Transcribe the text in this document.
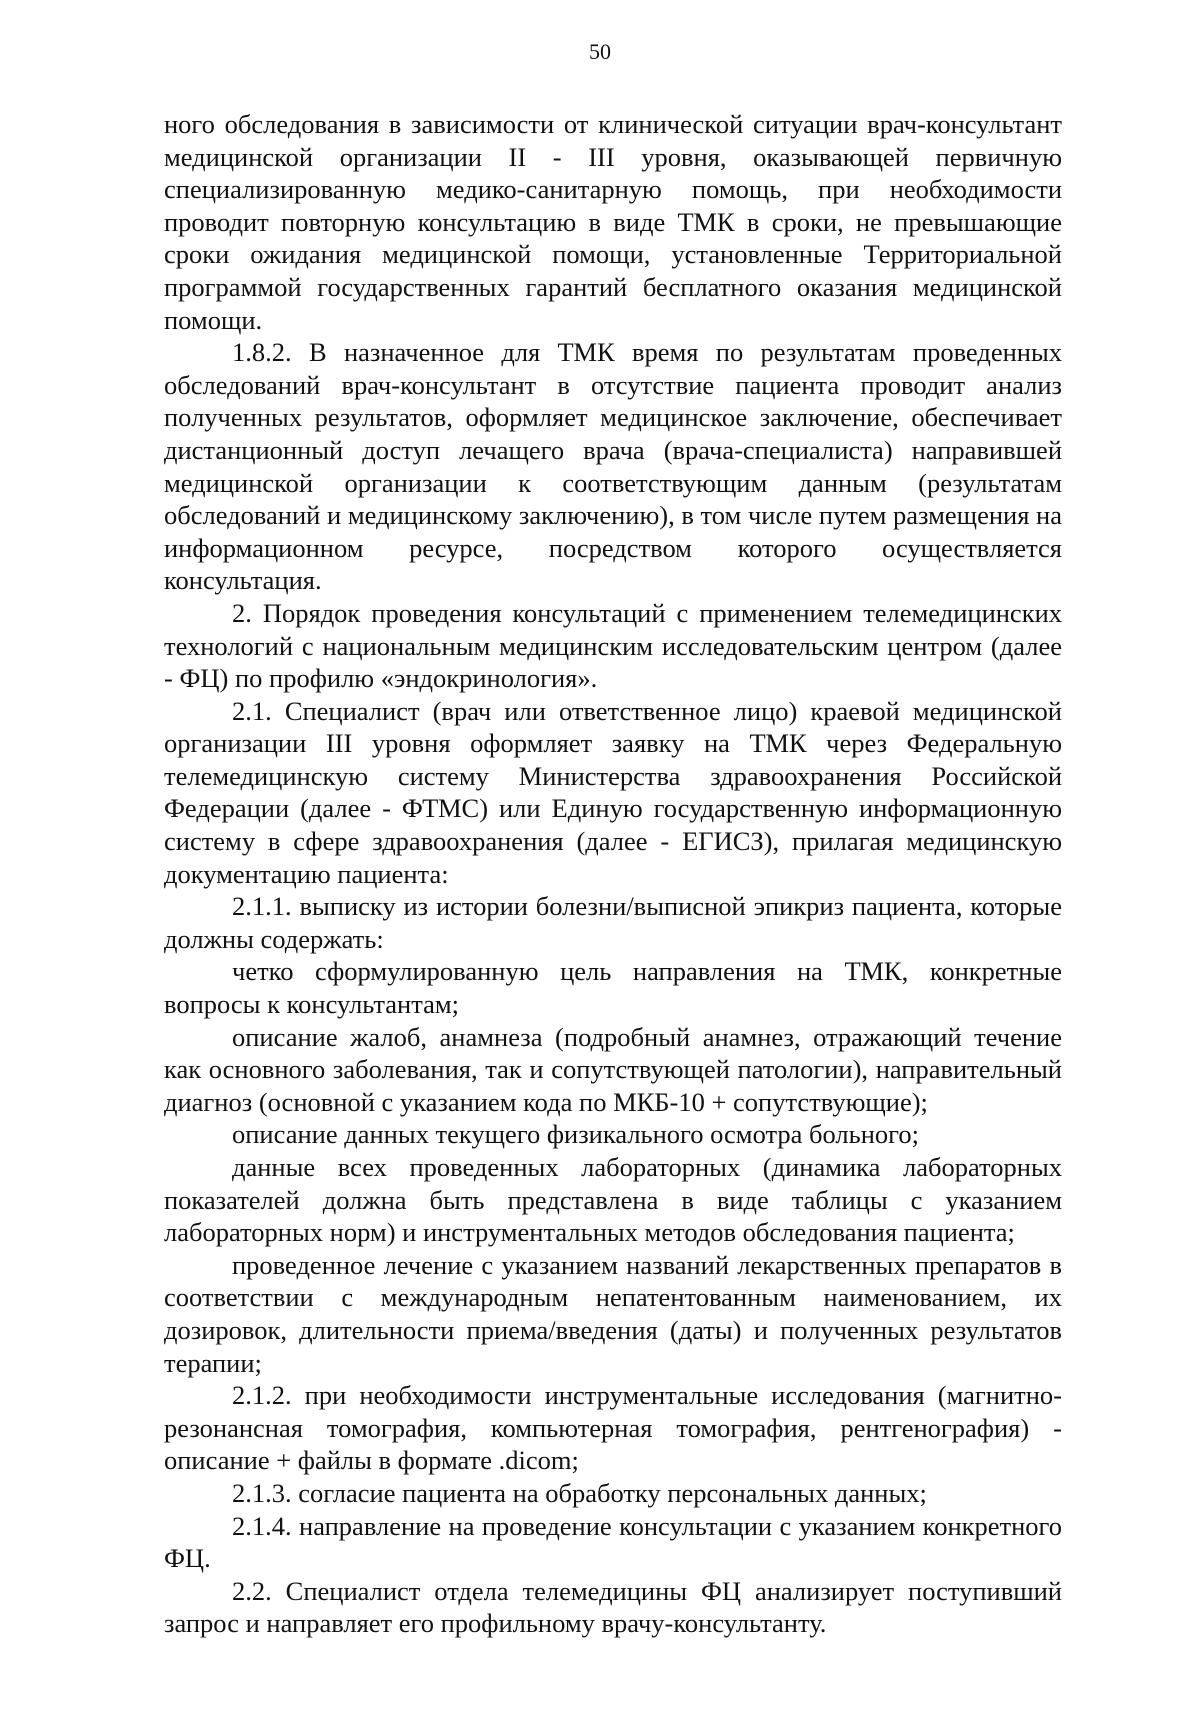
50

ного обследования в зависимости от клинической ситуации врач-консультант медицинской организации II - III уровня, оказывающей первичную специализированную медико-санитарную помощь, при необходимости проводит повторную консультацию в виде ТМК в сроки, не превышающие сроки ожидания медицинской помощи, установленные Территориальной программой государственных гарантий бесплатного оказания медицинской помощи.

1.8.2. В назначенное для ТМК время по результатам проведенных обследований врач-консультант в отсутствие пациента проводит анализ полученных результатов, оформляет медицинское заключение, обеспечивает дистанционный доступ лечащего врача (врача-специалиста) направившей медицинской организации к соответствующим данным (результатам обследований и медицинскому заключению), в том числе путем размещения на информационном ресурсе, посредством которого осуществляется консультация.

2. Порядок проведения консультаций с применением телемедицинских технологий с национальным медицинским исследовательским центром (далее - ФЦ) по профилю «эндокринология».

2.1. Специалист (врач или ответственное лицо) краевой медицинской организации III уровня оформляет заявку на ТМК через Федеральную телемедицинскую систему Министерства здравоохранения Российской Федерации (далее - ФТМС) или Единую государственную информационную систему в сфере здравоохранения (далее - ЕГИСЗ), прилагая медицинскую документацию пациента:

2.1.1. выписку из истории болезни/выписной эпикриз пациента, которые должны содержать:

четко сформулированную цель направления на ТМК, конкретные вопросы к консультантам;

описание жалоб, анамнеза (подробный анамнез, отражающий течение как основного заболевания, так и сопутствующей патологии), направительный диагноз (основной с указанием кода по МКБ-10 + сопутствующие);

описание данных текущего физикального осмотра больного;

данные всех проведенных лабораторных (динамика лабораторных показателей должна быть представлена в виде таблицы с указанием лабораторных норм) и инструментальных методов обследования пациента;

проведенное лечение с указанием названий лекарственных препаратов в соответствии с международным непатентованным наименованием, их дозировок, длительности приема/введения (даты) и полученных результатов терапии;

2.1.2. при необходимости инструментальные исследования (магнитно-резонансная томография, компьютерная томография, рентгенография) - описание + файлы в формате .dicom;

2.1.3. согласие пациента на обработку персональных данных;

2.1.4. направление на проведение консультации с указанием конкретного ФЦ.

2.2. Специалист отдела телемедицины ФЦ анализирует поступивший запрос и направляет его профильному врачу-консультанту.
